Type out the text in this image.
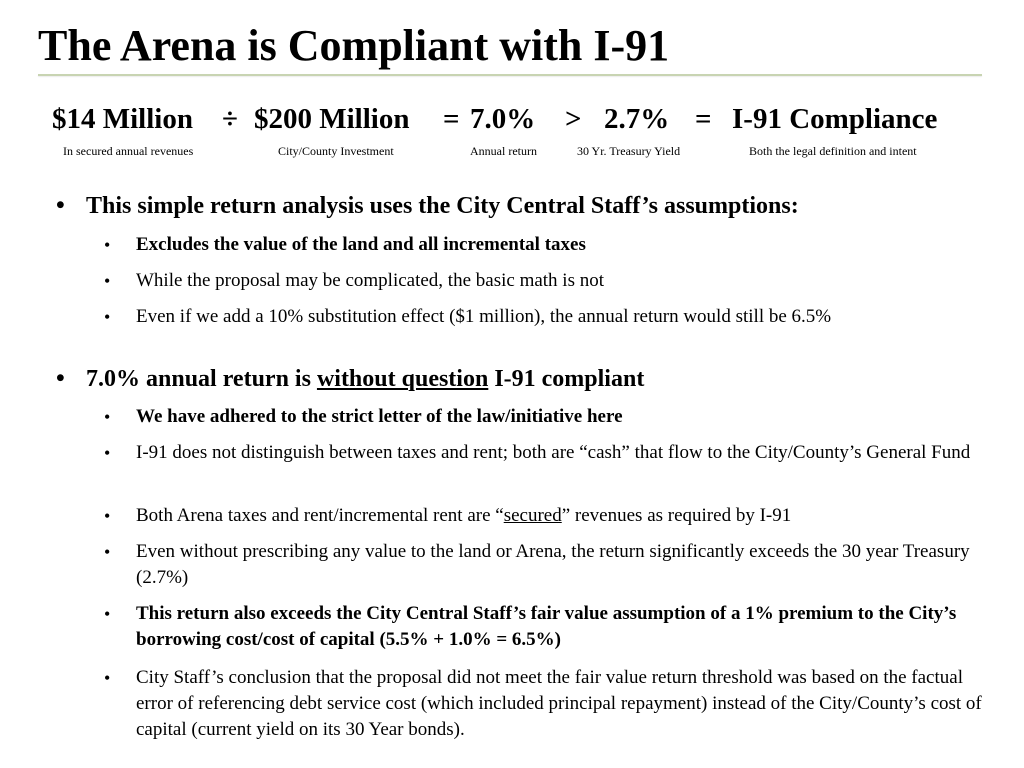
The Arena is Compliant with I-91
$14 Million ÷ $200 Million = 7.0% > 2.7% = I-91 Compliance
In secured annual revenues	City/County Investment	Annual return	30 Yr. Treasury Yield	Both the legal definition and intent
• This simple return analysis uses the City Central Staff’s assumptions:
• Excludes the value of the land and all incremental taxes
• While the proposal may be complicated, the basic math is not
• Even if we add a 10% substitution effect ($1 million), the annual return would still be 6.5%
• 7.0% annual return is without question I-91 compliant
• We have adhered to the strict letter of the law/initiative here
• I-91 does not distinguish between taxes and rent; both are “cash” that flow to the City/County’s General Fund
• Both Arena taxes and rent/incremental rent are “secured” revenues as required by I-91
• Even without prescribing any value to the land or Arena, the return significantly exceeds the 30 year Treasury (2.7%)
• This return also exceeds the City Central Staff’s fair value assumption of a 1% premium to the City’s borrowing cost/cost of capital (5.5% + 1.0% = 6.5%)
• City Staff’s conclusion that the proposal did not meet the fair value return threshold was based on the factual error of referencing debt service cost (which included principal repayment) instead of the City/County’s cost of capital (current yield on its 30 Year bonds).
